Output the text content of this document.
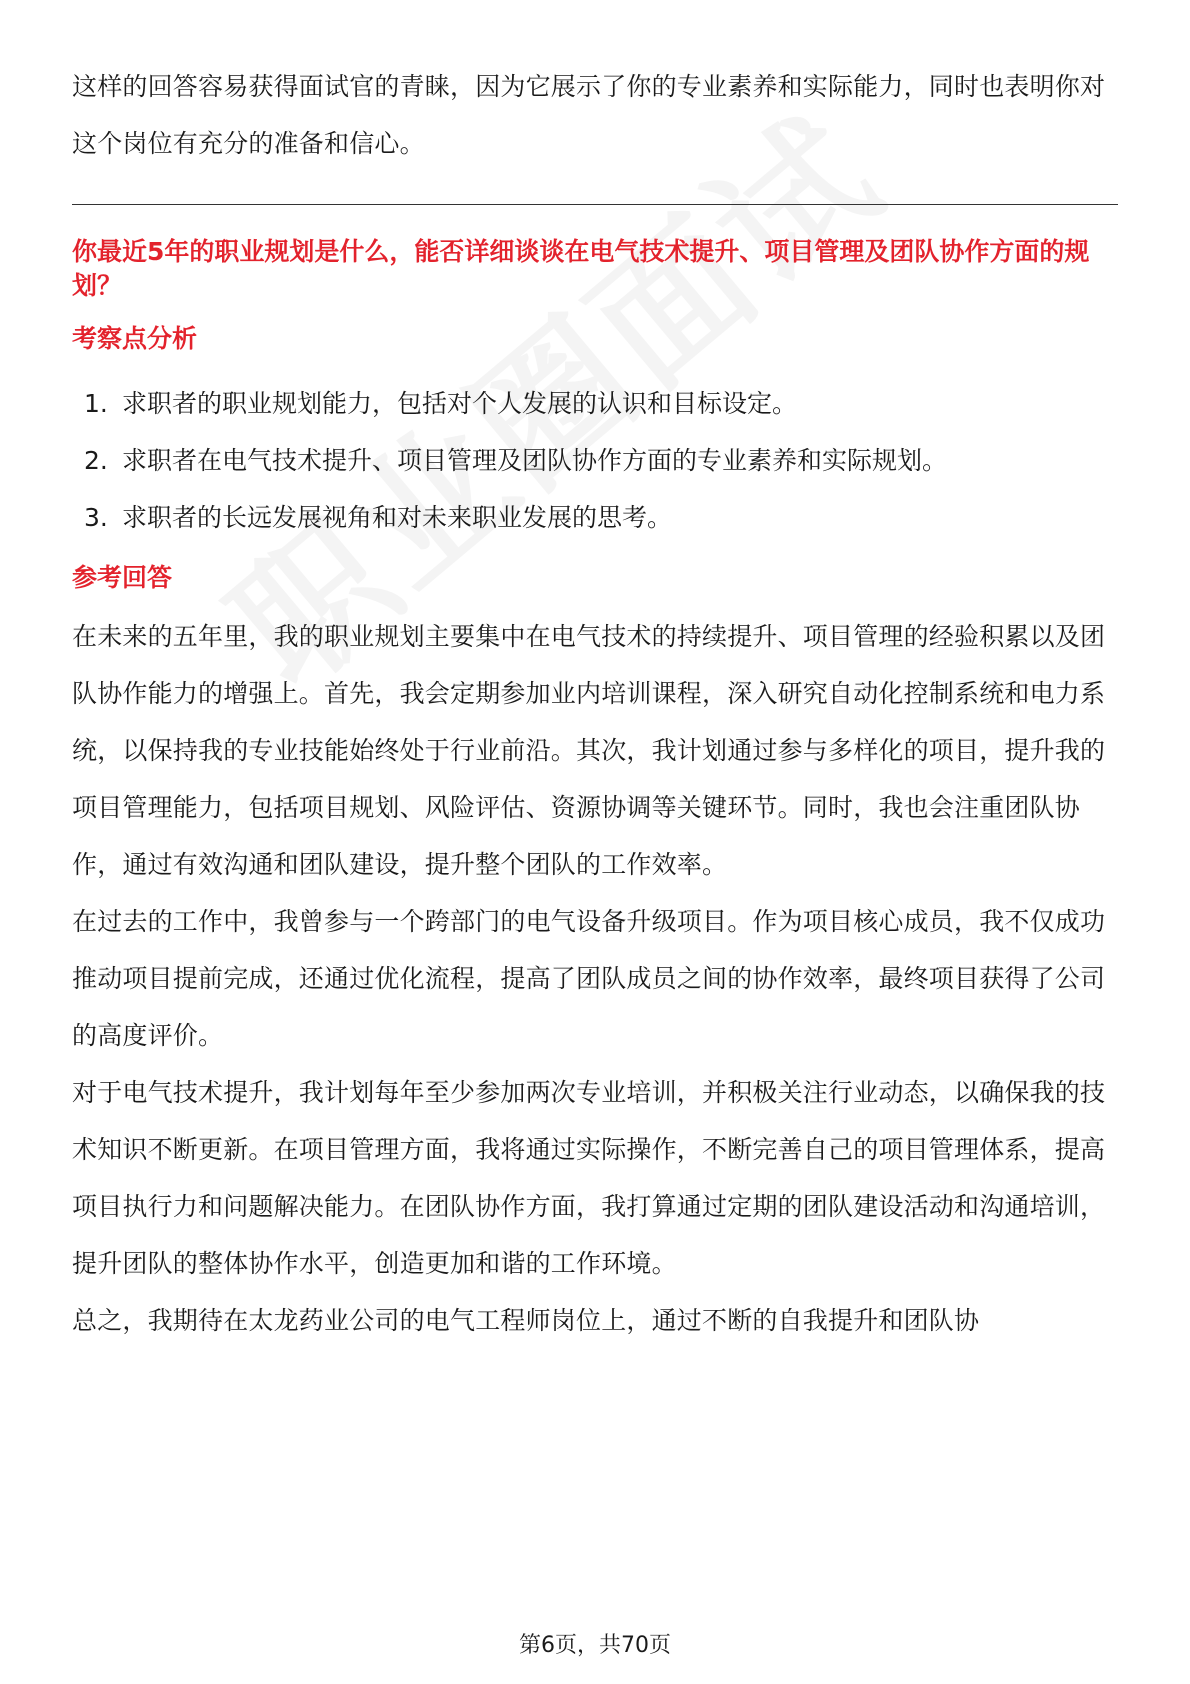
这样的回答容易获得面试官的青睐，因为它展示了你的专业素养和实际能力，同时也表明你对这个岗位有充分的准备和信心。

你最近5年的职业规划是什么，能否详细谈谈在电气技术提升、项目管理及团队协作方面的规划？

考察点分析
1. 求职者的职业规划能力，包括对个人发展的认识和目标设定。
2. 求职者在电气技术提升、项目管理及团队协作方面的专业素养和实际规划。
3. 求职者的长远发展视角和对未来职业发展的思考。
参考回答

在未来的五年里，我的职业规划主要集中在电气技术的持续提升、项目管理的经验积累以及团队协作能力的增强上。首先，我会定期参加业内培训课程，深入研究自动化控制系统和电力系统，以保持我的专业技能始终处于行业前沿。其次，我计划通过参与多样化的项目，提升我的项目管理能力，包括项目规划、风险评估、资源协调等关键环节。同时，我也会注重团队协作，通过有效沟通和团队建设，提升整个团队的工作效率。

在过去的工作中，我曾参与一个跨部门的电气设备升级项目。作为项目核心成员，我不仅成功推动项目提前完成，还通过优化流程，提高了团队成员之间的协作效率，最终项目获得了公司的高度评价。

对于电气技术提升，我计划每年至少参加两次专业培训，并积极关注行业动态，以确保我的技术知识不断更新。在项目管理方面，我将通过实际操作，不断完善自己的项目管理体系，提高项目执行力和问题解决能力。在团队协作方面，我打算通过定期的团队建设活动和沟通培训，提升团队的整体协作水平，创造更加和谐的工作环境。

总之，我期待在太龙药业公司的电气工程师岗位上，通过不断的自我提升和团队协

第6页，共70页
